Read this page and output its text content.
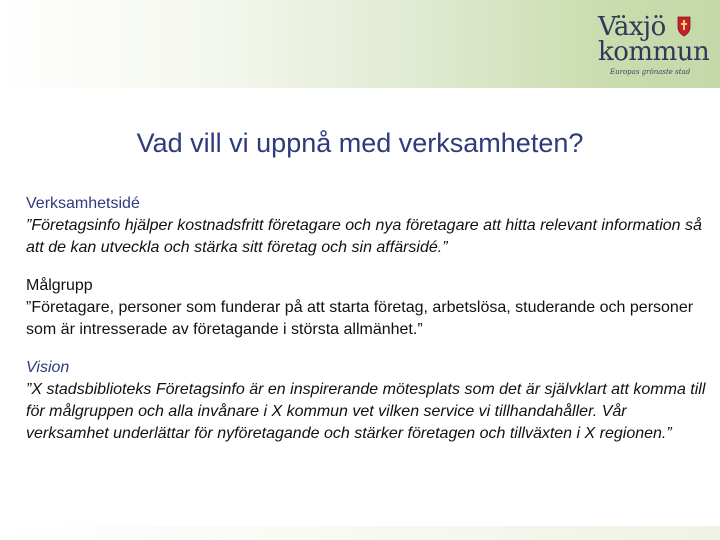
Växjö
kommun
Europas grönaste stad
Vad vill vi uppnå med verksamheten?

Verksamhetsidé

”Företagsinfo hjälper kostnadsfritt företagare och nya företagare att hitta relevant information så att de kan utveckla och stärka sitt företag och sin affärsidé.”

Målgrupp

”Företagare, personer som funderar på att starta företag, arbetslösa, studerande och personer som är intresserade av företagande i största allmänhet.”

Vision

”X stadsbiblioteks Företagsinfo är en inspirerande mötesplats som det är självklart att komma till för målgruppen och alla invånare i X kommun vet vilken service vi tillhandahåller. Vår verksamhet underlättar för nyföretagande och stärker företagen och tillväxten i X regionen.”
